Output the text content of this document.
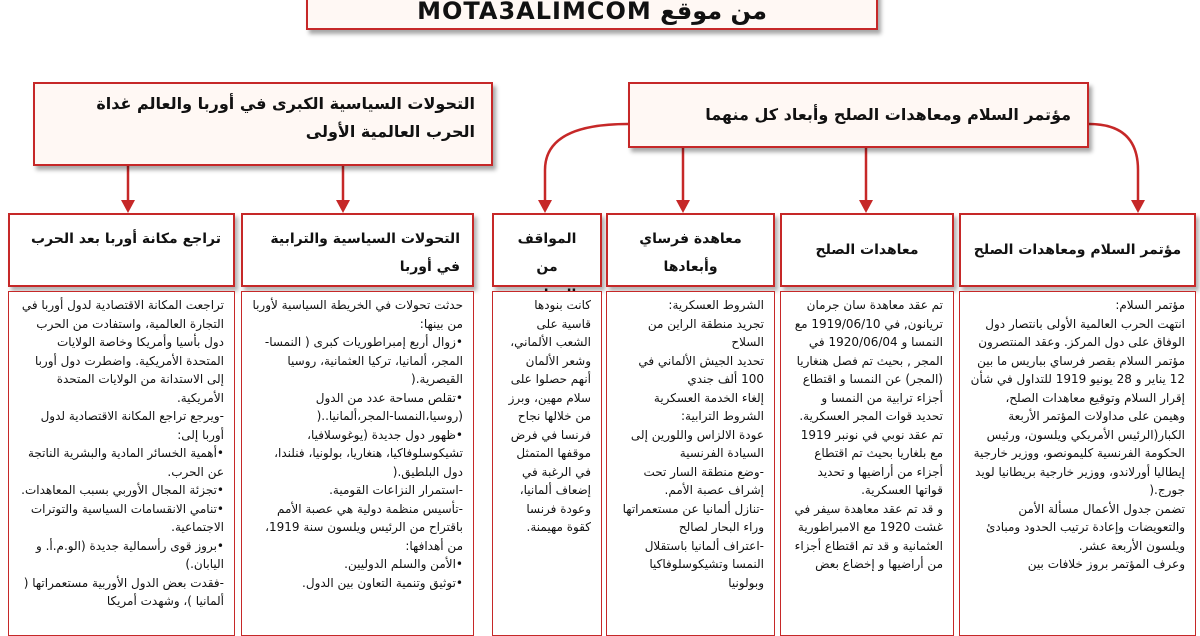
من موقع MOTA3ALIMCOM
التحولات السياسية الكبرى في أوربا والعالم غداة الحرب العالمية الأولى
مؤتمر السلام ومعاهدات الصلح وأبعاد كل منهما
تراجع مكانة أوربا بعد الحرب	التحولات السياسية والترابية في أوربا
المواقف من
معاهدة فرساي وأبعادها
معاهدات الصلح	مؤتمر السلام ومعاهدات الصلح

تراجعت المكانة الاقتصادية لدول أوربا في التجارة العالمية، واستفادت من الحرب دول بأسيا وأمريكا وخاصة الولايات المتحدة الأمريكية. واضطرت دول أوربا إلى الاستدانة من الولايات المتحدة الأمريكية.

-ويرجع تراجع المكانة الاقتصادية لدول أوربا إلى:

•أهمية الخسائر المادية والبشرية الناتجة عن الحرب.

•تجزئة المجال الأوربي بسبب المعاهدات.

•تنامي الانقسامات السياسية والتوترات الاجتماعية.

•بروز قوى رأسمالية جديدة (الو.م.أ. و اليابان.)

-فقدت بعض الدول الأوربية مستعمراتها ( ألمانيا )، وشهدت أمريكا

حدثت تحولات في الخريطة السياسية لأوربا من بينها:

•زوال أربع إمبراطوريات كبرى ( النمسا-المجر، ألمانيا، تركيا العثمانية، روسيا القيصرية.(

•تقلص مساحة عدد من الدول (روسيا،النمسا-المجر،ألمانيا..(

•ظهور دول جديدة (يوغوسلافيا، تشيكوسلوفاكيا، هنغاريا، بولونيا، فنلندا، دول البلطيق.(

-استمرار النزاعات القومية.

-تأسيس منظمة دولية هي عصبة الأمم باقتراح من الرئيس ويلسون سنة 1919، من أهدافها:

•الأمن والسلم الدوليين.

•توثيق وتنمية التعاون بين الدول.

كانت بنودها قاسية على الشعب الألماني، وشعر الألمان أنهم حصلوا على سلام مهين، وبرز من خلالها نجاح فرنسا في فرض موقفها المتمثل في الرغبة في إضعاف ألمانيا، وعودة فرنسا كقوة مهيمنة.

الشروط العسكرية:

تجريد منطقة الراين من السلاح

تحديد الجيش الألماني في 100 ألف جندي

إلغاء الخدمة العسكرية

الشروط الترابية:

عودة الالزاس واللورين إلى السيادة الفرنسية

-وضع منطقة السار تحت إشراف عصبة الأمم.

-تنازل ألمانيا عن مستعمراتها وراء البحار لصالح

-اعتراف ألمانيا باستقلال النمسا وتشيكوسلوفاكيا وبولونيا

تم عقد معاهدة سان جرمان تريانون, في 1919/06/10 مع النمسا و 1920/06/04 في المجر , بحيث تم فصل هنغاريا (المجر) عن النمسا و اقتطاع أجزاء ترابية من النمسا و تحديد قوات المجر العسكرية.

تم عقد نوبي في نونبر 1919 مع بلغاريا بحيث تم اقتطاع أجزاء من أراضيها و تحديد قواتها العسكرية.

و قد تم عقد معاهدة سيفر في غشت 1920 مع الامبراطورية العثمانية و قد تم اقتطاع أجزاء من أراضيها و إخضاع بعض

مؤتمر السلام:

انتهت الحرب العالمية الأولى بانتصار دول الوفاق على دول المركز. وعقد المنتصرون مؤتمر السلام بقصر فرساي بباريس ما بين 12 يناير و 28 يونيو 1919 للتداول في شأن إقرار السلام وتوقيع معاهدات الصلح، وهيمن على مداولات المؤتمر الأربعة الكبار(الرئيس الأمريكي ويلسون، ورئيس الحكومة الفرنسية كليمونصو، ووزير خارجية إيطاليا أورلاندو، ووزير خارجية بريطانيا لويد جورج.(

تضمن جدول الأعمال مسألة الأمن والتعويضات وإعادة ترتيب الحدود ومبادئ ويلسون الأربعة عشر.

وعرف المؤتمر بروز خلافات بين
